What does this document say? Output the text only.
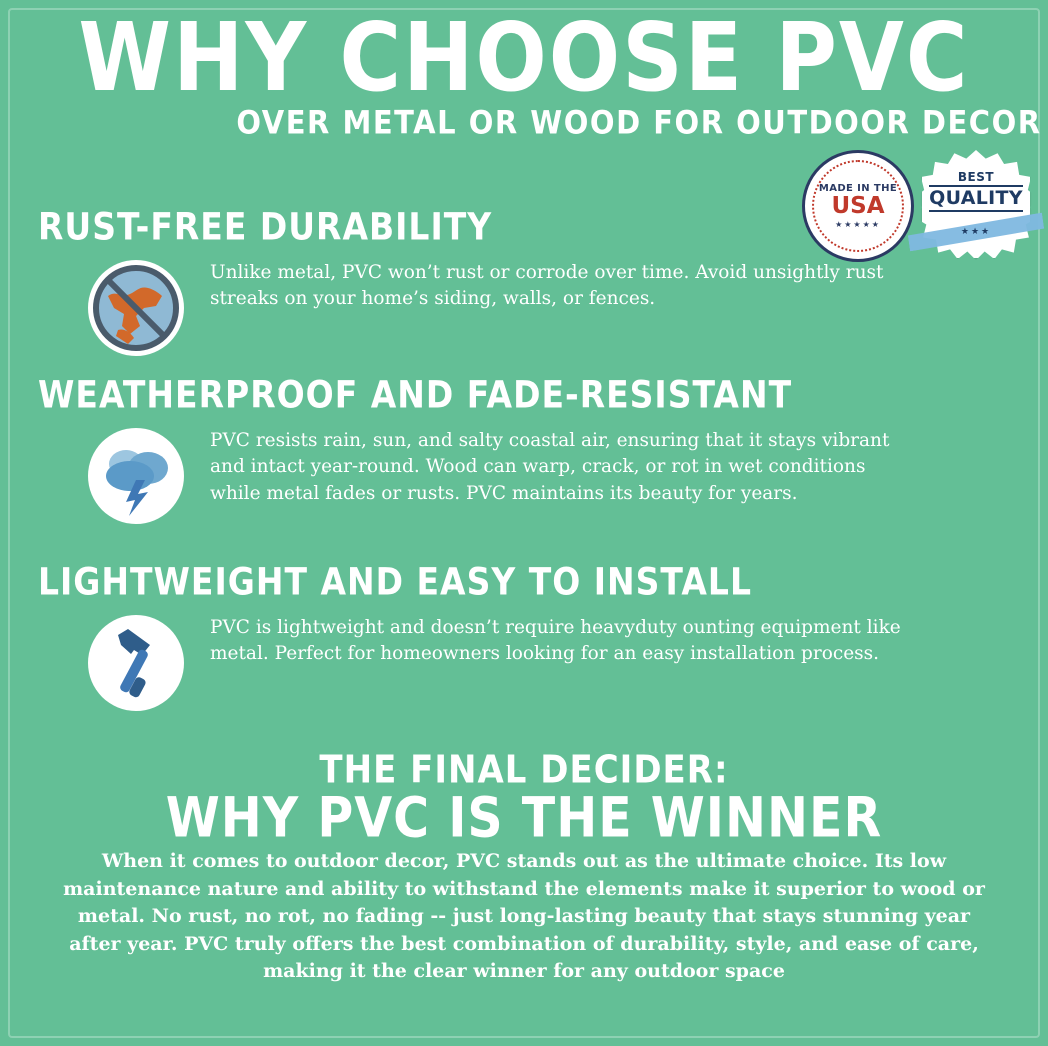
WHY CHOOSE PVC
OVER METAL OR WOOD FOR OUTDOOR DECOR
MADE IN THE
USA
★★★★★
BEST
QUALITY
★★★
RUST-FREE DURABILITY
Unlike metal, PVC won’t rust or corrode over time. Avoid unsightly rust streaks on your home’s siding, walls, or fences.
WEATHERPROOF AND FADE-RESISTANT
PVC resists rain, sun, and salty coastal air, ensuring that it stays vibrant and intact year-round. Wood can warp, crack, or rot in wet conditions while metal fades or rusts. PVC maintains its beauty for years.
LIGHTWEIGHT AND EASY TO INSTALL
PVC is lightweight and doesn’t require heavyduty ounting equipment like metal. Perfect for homeowners looking for an easy installation process.
THE FINAL DECIDER:
WHY PVC IS THE WINNER
When it comes to outdoor decor, PVC stands out as the ultimate choice. Its low maintenance nature and ability to withstand the elements make it superior to wood or metal. No rust, no rot, no fading -- just long-lasting beauty that stays stunning year after year. PVC truly offers the best combination of durability, style, and ease of care, making it the clear winner for any outdoor space
